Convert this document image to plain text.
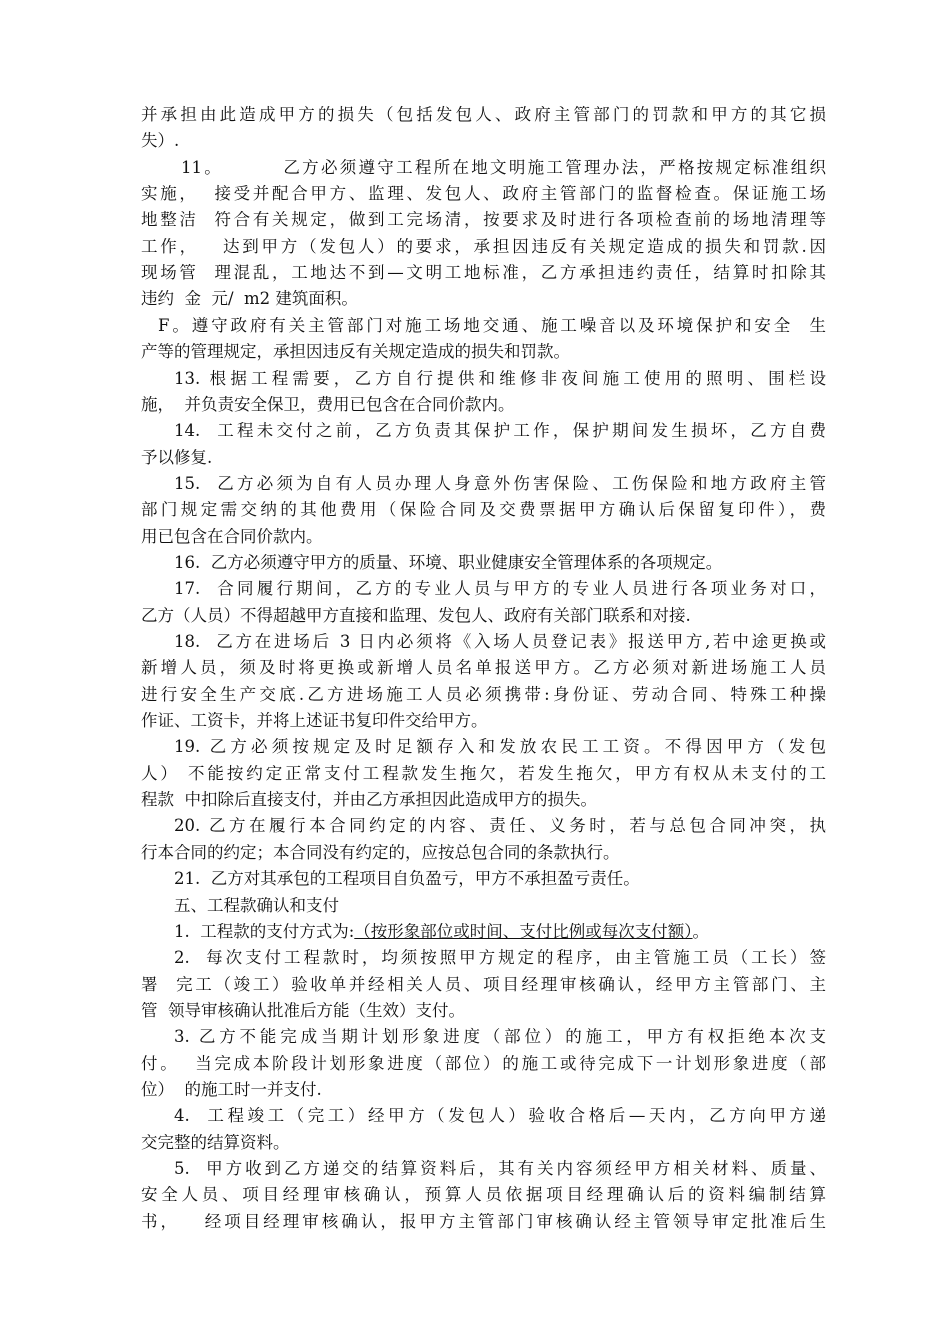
并承担由此造成甲方的损失（包括发包人、政府主管部门的罚款和甲方的其它损
失）.
11。        乙方必须遵守工程所在地文明施工管理办法，严格按规定标准组织
实施，  接受并配合甲方、监理、发包人、政府主管部门的监督检查。保证施工场
地整洁  符合有关规定，做到工完场清，按要求及时进行各项检查前的场地清理等
工作，   达到甲方（发包人）的要求，承担因违反有关规定造成的损失和罚款.因
现场管  理混乱，工地达不到—文明工地标准，乙方承担违约责任，结算时扣除其
违约  金  元/  m2 建筑面积。
F。遵守政府有关主管部门对施工场地交通、施工噪音以及环境保护和安全  生
产等的管理规定，承担因违反有关规定造成的损失和罚款。
13. 根据工程需要，乙方自行提供和维修非夜间施工使用的照明、围栏设
施，  并负责安全保卫，费用已包含在合同价款内。
14.  工程未交付之前，乙方负责其保护工作，保护期间发生损坏，乙方自费
予以修复.
15.  乙方必须为自有人员办理人身意外伤害保险、工伤保险和地方政府主管
部门规定需交纳的其他费用（保险合同及交费票据甲方确认后保留复印件），费
用已包含在合同价款内。
16.  乙方必须遵守甲方的质量、环境、职业健康安全管理体系的各项规定。
17.  合同履行期间，乙方的专业人员与甲方的专业人员进行各项业务对口，
乙方（人员）不得超越甲方直接和监理、发包人、政府有关部门联系和对接.
18.  乙方在进场后 3 日内必须将《入场人员登记表》报送甲方,若中途更换或
新增人员，须及时将更换或新增人员名单报送甲方。乙方必须对新进场施工人员
进行安全生产交底.乙方进场施工人员必须携带:身份证、劳动合同、特殊工种操
作证、工资卡，并将上述证书复印件交给甲方。
19. 乙方必须按规定及时足额存入和发放农民工工资。不得因甲方（发包
人） 不能按约定正常支付工程款发生拖欠，若发生拖欠，甲方有权从未支付的工
程款  中扣除后直接支付，并由乙方承担因此造成甲方的损失。
20. 乙方在履行本合同约定的内容、责任、义务时，若与总包合同冲突，执
行本合同的约定；本合同没有约定的，应按总包合同的条款执行。
21.  乙方对其承包的工程项目自负盈亏，甲方不承担盈亏责任。
五、工程款确认和支付
1.  工程款的支付方式为:（按形象部位或时间、支付比例或每次支付额）。
2.  每次支付工程款时，均须按照甲方规定的程序，由主管施工员（工长）签
署  完工（竣工）验收单并经相关人员、项目经理审核确认，经甲方主管部门、主
管  领导审核确认批准后方能（生效）支付。
3. 乙方不能完成当期计划形象进度（部位）的施工，甲方有权拒绝本次支
付。  当完成本阶段计划形象进度（部位）的施工或待完成下一计划形象进度（部
位）  的施工时一并支付.
4.  工程竣工（完工）经甲方（发包人）验收合格后—天内，乙方向甲方递
交完整的结算资料。
5.  甲方收到乙方递交的结算资料后，其有关内容须经甲方相关材料、质量、
安全人员、项目经理审核确认，预算人员依据项目经理确认后的资料编制结算
书，   经项目经理审核确认，报甲方主管部门审核确认经主管领导审定批准后生
